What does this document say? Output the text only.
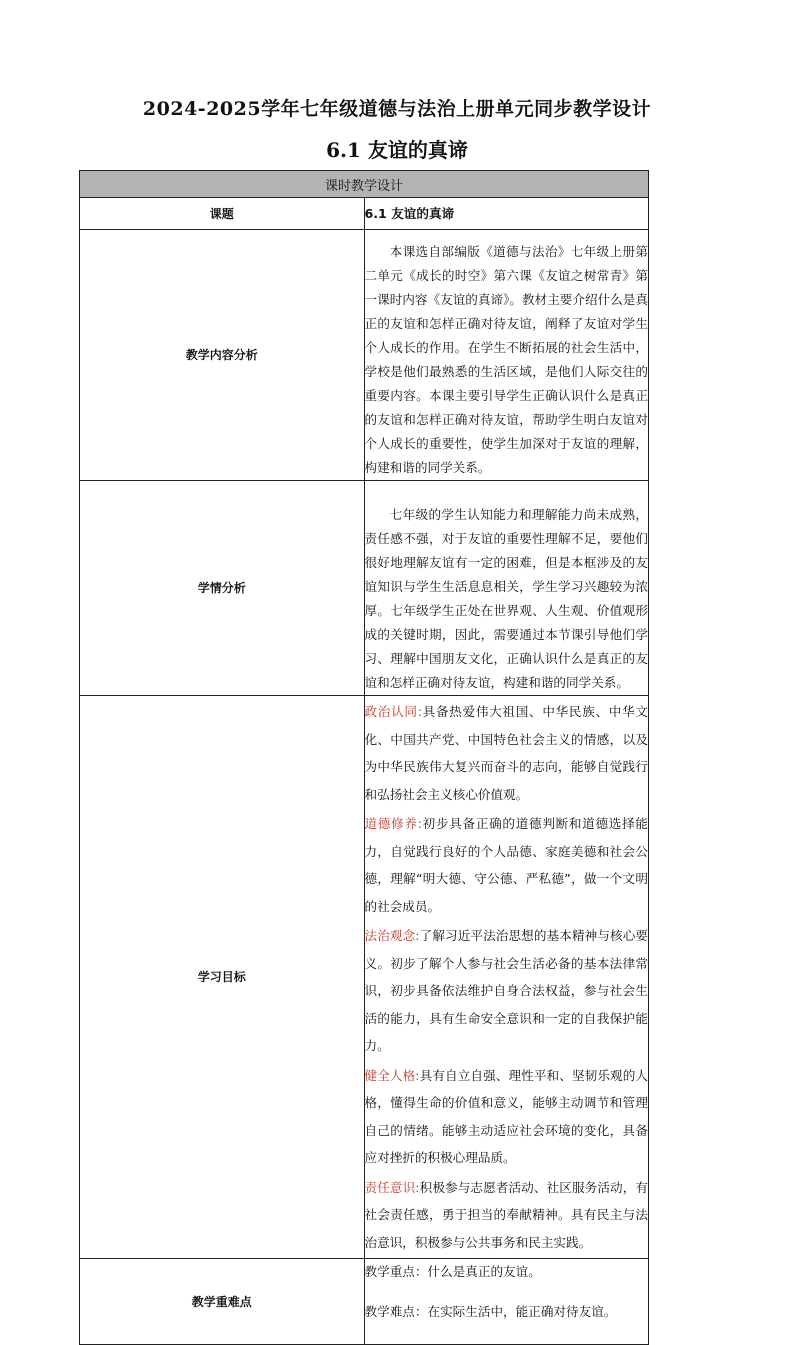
2024-2025学年七年级道德与法治上册单元同步教学设计
6.1 友谊的真谛
课时教学设计	
课题	6.1 友谊的真谛
教学内容分析	本课选自部编版《道德与法治》七年级上册第二单元《成长的时空》第六课《友谊之树常青》第一课时内容《友谊的真谛》。教材主要介绍什么是真正的友谊和怎样正确对待友谊，阐释了友谊对学生个人成长的作用。在学生不断拓展的社会生活中，学校是他们最熟悉的生活区域，是他们人际交往的重要内容。本课主要引导学生正确认识什么是真正的友谊和怎样正确对待友谊，帮助学生明白友谊对个人成长的重要性，使学生加深对于友谊的理解，构建和谐的同学关系。

学情分析	七年级的学生认知能力和理解能力尚未成熟，责任感不强，对于友谊的重要性理解不足，要他们很好地理解友谊有一定的困难，但是本框涉及的友谊知识与学生生活息息相关，学生学习兴趣较为浓厚。七年级学生正处在世界观、人生观、价值观形成的关键时期，因此，需要通过本节课引导他们学习、理解中国朋友文化，正确认识什么是真正的友谊和怎样正确对待友谊，构建和谐的同学关系。

学习目标	政治认同:具备热爱伟大祖国、中华民族、中华文化、中国共产党、中国特色社会主义的情感，以及为中华民族伟大复兴而奋斗的志向，能够自觉践行和弘扬社会主义核心价值观。

道德修养:初步具备正确的道德判断和道德选择能力，自觉践行良好的个人品德、家庭美德和社会公德，理解“明大德、守公德、严私德”，做一个文明的社会成员。

法治观念:了解习近平法治思想的基本精神与核心要义。初步了解个人参与社会生活必备的基本法律常识，初步具备依法维护自身合法权益，参与社会生活的能力，具有生命安全意识和一定的自我保护能力。

健全人格:具有自立自强、理性平和、坚韧乐观的人格，懂得生命的价值和意义，能够主动调节和管理自己的情绪。能够主动适应社会环境的变化，具备应对挫折的积极心理品质。

责任意识:积极参与志愿者活动、社区服务活动，有社会责任感，勇于担当的奉献精神。具有民主与法治意识，积极参与公共事务和民主实践。

教学重难点	教学重点：什么是真正的友谊。

教学难点：在实际生活中，能正确对待友谊。
